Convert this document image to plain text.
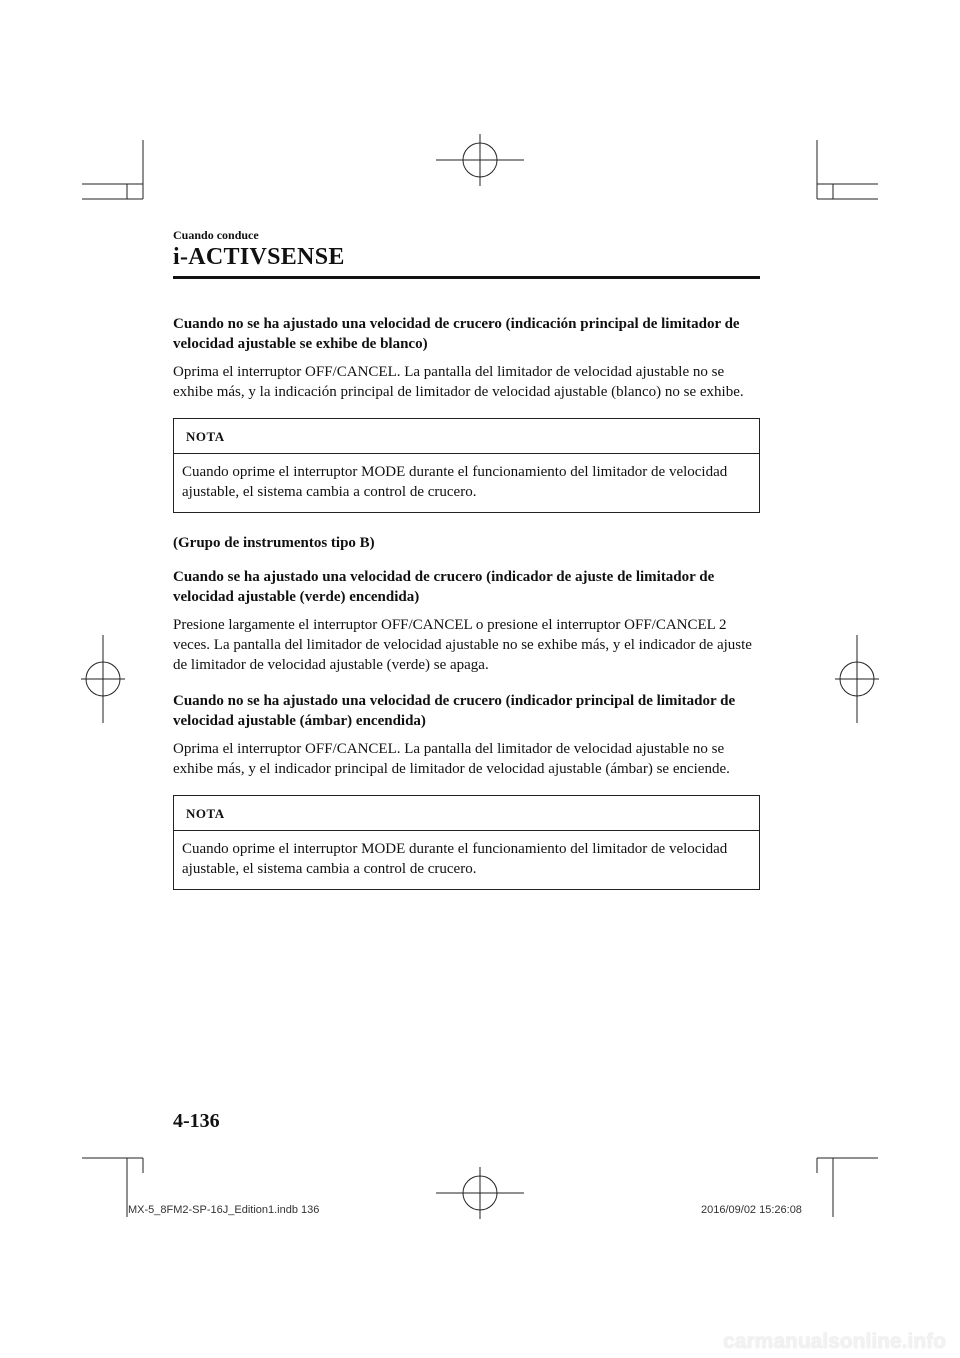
Cuando conduce
i-ACTIVSENSE

Cuando no se ha ajustado una velocidad de crucero (indicación principal de limitador de velocidad ajustable se exhibe de blanco)

Oprima el interruptor OFF/CANCEL. La pantalla del limitador de velocidad ajustable no se exhibe más, y la indicación principal de limitador de velocidad ajustable (blanco) no se exhibe.

NOTA
Cuando oprime el interruptor MODE durante el funcionamiento del limitador de velocidad ajustable, el sistema cambia a control de crucero.

(Grupo de instrumentos tipo B)

Cuando se ha ajustado una velocidad de crucero (indicador de ajuste de limitador de velocidad ajustable (verde) encendida)

Presione largamente el interruptor OFF/CANCEL o presione el interruptor OFF/CANCEL 2 veces. La pantalla del limitador de velocidad ajustable no se exhibe más, y el indicador de ajuste de limitador de velocidad ajustable (verde) se apaga.

Cuando no se ha ajustado una velocidad de crucero (indicador principal de limitador de velocidad ajustable (ámbar) encendida)

Oprima el interruptor OFF/CANCEL. La pantalla del limitador de velocidad ajustable no se exhibe más, y el indicador principal de limitador de velocidad ajustable (ámbar) se enciende.

NOTA
Cuando oprime el interruptor MODE durante el funcionamiento del limitador de velocidad ajustable, el sistema cambia a control de crucero.
4-136
MX-5_8FM2-SP-16J_Edition1.indb 136	2016/09/02 15:26:08
carmanualsonline.info
